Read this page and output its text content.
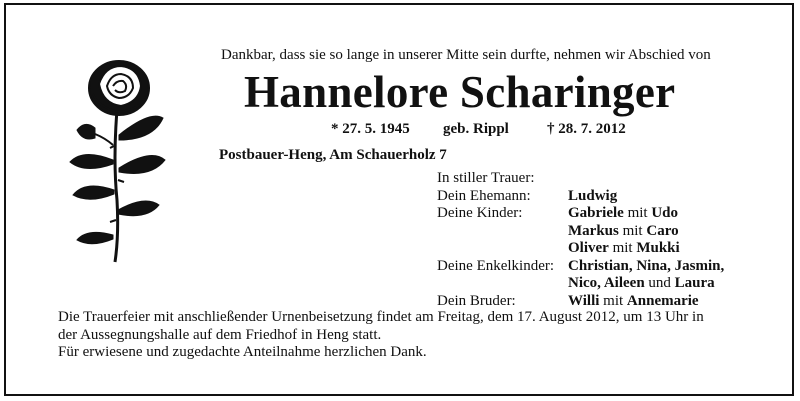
Dankbar, dass sie so lange in unserer Mitte sein durfte, nehmen wir Abschied von
Hannelore Scharinger
* 27. 5. 1945 geb. Rippl	† 28. 7. 2012
Postbauer-Heng, Am Schauerholz 7
In stiller Trauer:
Dein Ehemann:	Ludwig
Deine Kinder:	Gabriele mit Udo
Markus mit Caro
Oliver mit Mukki
Deine Enkelkinder: Christian, Nina, Jasmin,
Nico, Aileen und Laura
Dein Bruder:	Willi mit Annemarie
Die Trauerfeier mit anschließender Urnenbeisetzung findet am Freitag, dem 17. August 2012, um 13 Uhr in
der Aussegnungshalle auf dem Friedhof in Heng statt.
Für erwiesene und zugedachte Anteilnahme herzlichen Dank.
